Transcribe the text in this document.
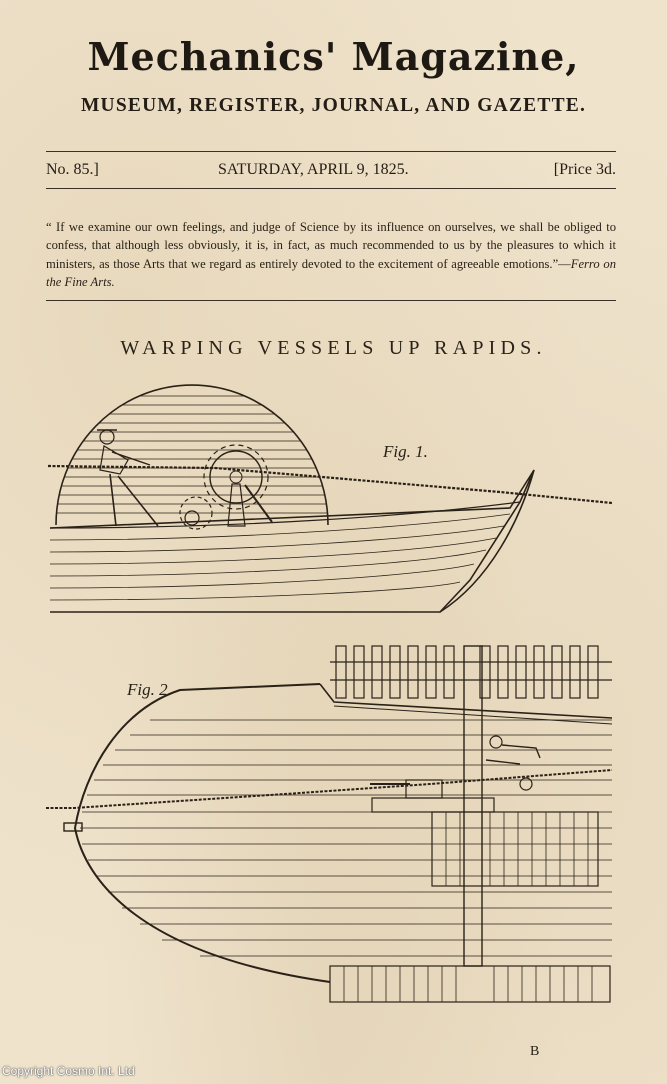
Mechanics' Magazine,
MUSEUM, REGISTER, JOURNAL, AND GAZETTE.
No. 85.]	SATURDAY, APRIL 9, 1825.	[Price 3d.
“ If we examine our own feelings, and judge of Science by its influence on ourselves, we shall be obliged to confess, that although less obviously, it is, in fact, as much recommended to us by the pleasures to which it ministers, as those Arts that we regard as entirely devoted to the excitement of agreeable emotions.”—Ferro on the Fine Arts.
WARPING VESSELS UP RAPIDS.
Fig. 1.
Fig. 2.
B
Copyright Cosmo Int. Ltd
